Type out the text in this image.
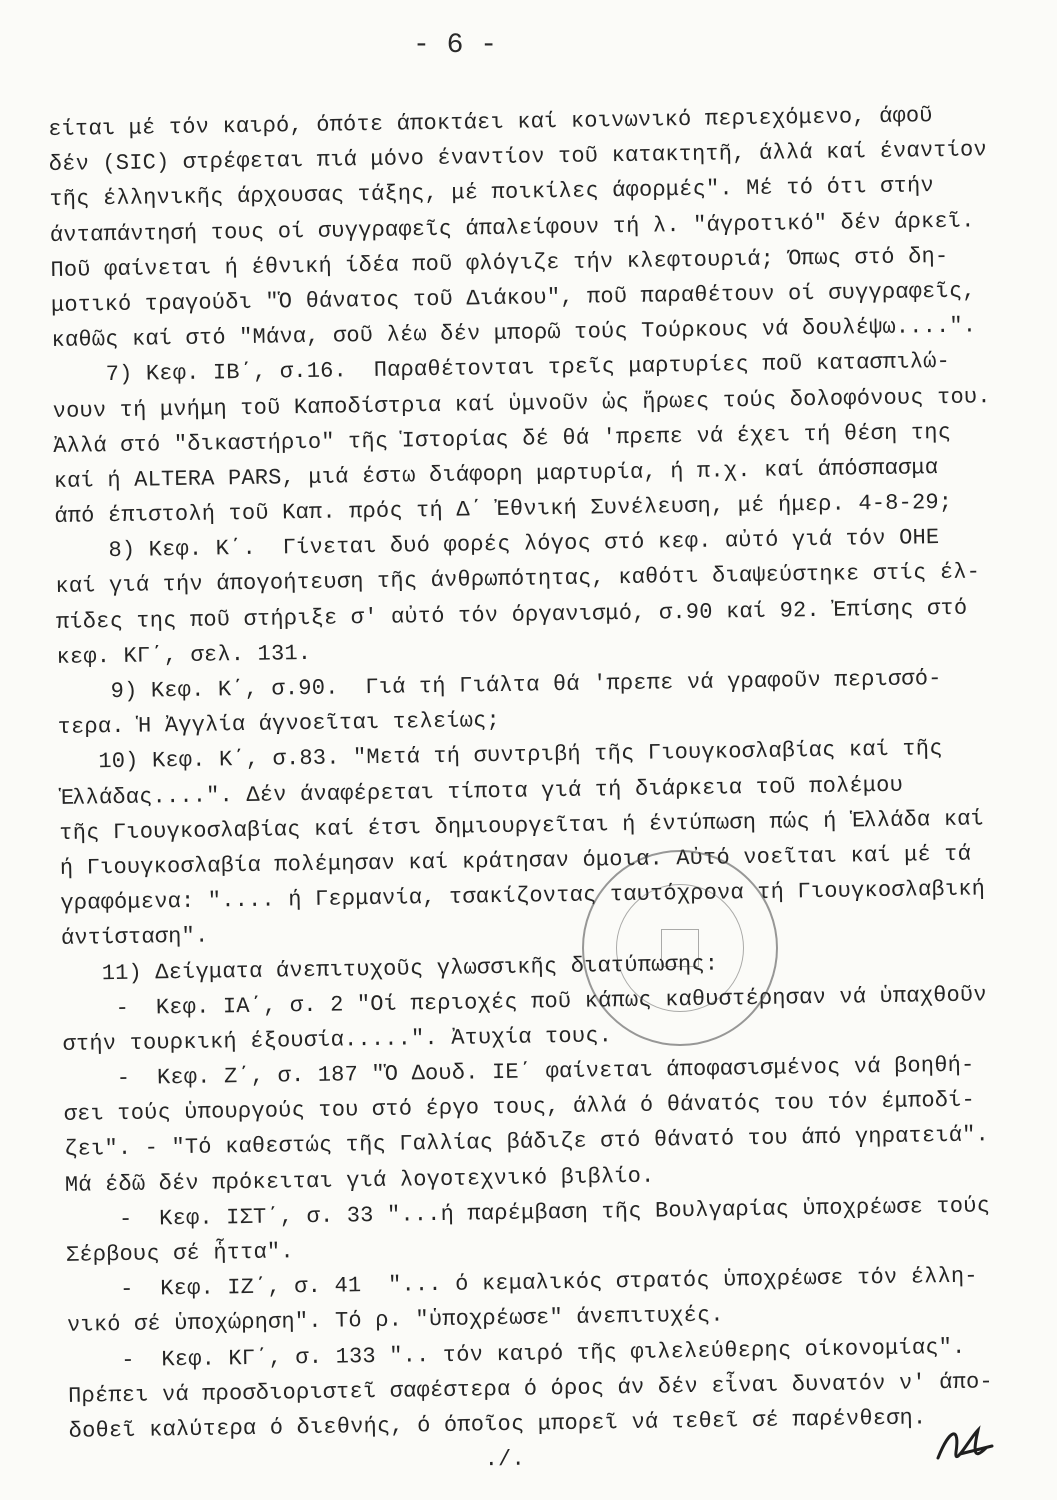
- 6 -
είται μέ τόν καιρό, όπότε άποκτάει καί κοινωνικό περιεχόμενο, άφοῦ
δέν (SIC) στρέφεται πιά μόνο έναντίον τοῦ κατακτητῆ, άλλά καί έναντίον
τῆς έλληνικῆς άρχουσας τάξης, μέ ποικίλες άφορμές". Μέ τό ότι στήν
άνταπάντησή τους οί συγγραφεῖς άπαλείφουν τή λ. "άγροτικό" δέν άρκεῖ.
Ποῦ φαίνεται ή έθνική ίδέα ποῦ φλόγιζε τήν κλεφτουριά; Όπως στό δη-
μοτικό τραγούδι "Ὁ θάνατος τοῦ Διάκου", ποῦ παραθέτουν οί συγγραφεῖς,
καθῶς καί στό "Μάνα, σοῦ λέω δέν μπορῶ τούς Τούρκους νά δουλέψω....".
7) Κεφ. IB΄, σ.16.  Παραθέτονται τρεῖς μαρτυρίες ποῦ κατασπιλώ-
νουν τή μνήμη τοῦ Καποδίστρια καί ὑμνοῦν ὡς ἥρωες τούς δολοφόνους του.
Ἀλλά στό "δικαστήριο" τῆς Ἱστορίας δέ θά 'πρεπε νά έχει τή θέση της
καί ή ALTERA PARS, μιά έστω διάφορη μαρτυρία, ή π.χ. καί άπόσπασμα
άπό έπιστολή τοῦ Καπ. πρός τή Δ΄ Ἐθνική Συνέλευση, μέ ήμερ. 4-8-29;
8) Κεφ. Κ΄.  Γίνεται δυό φορές λόγος στό κεφ. αὐτό γιά τόν ΟΗΕ
καί γιά τήν άπογοήτευση τῆς άνθρωπότητας, καθότι διαψεύστηκε στίς έλ-
πίδες της ποῦ στήριξε σ' αὐτό τόν όργανισμό, σ.90 καί 92. Ἐπίσης στό
κεφ. ΚΓ΄, σελ. 131.
9) Κεφ. Κ΄, σ.90.  Γιά τή Γιάλτα θά 'πρεπε νά γραφοῦν περισσό-
τερα. Ἡ Ἀγγλία άγνοεῖται τελείως;
10) Κεφ. Κ΄, σ.83. "Μετά τή συντριβή τῆς Γιουγκοσλαβίας καί τῆς
Ἑλλάδας....". Δέν άναφέρεται τίποτα γιά τή διάρκεια τοῦ πολέμου
τῆς Γιουγκοσλαβίας καί έτσι δημιουργεῖται ή έντύπωση πώς ή Ἑλλάδα καί
ή Γιουγκοσλαβία πολέμησαν καί κράτησαν όμοια. Αὐτό νοεῖται καί μέ τά
γραφόμενα: ".... ή Γερμανία, τσακίζοντας ταυτόχρονα τή Γιουγκοσλαβική
άντίσταση".
11) Δείγματα άνεπιτυχοῦς γλωσσικῆς διατύπωσης:
-  Κεφ. ΙΑ΄, σ. 2 "Οί περιοχές ποῦ κάπως καθυστέρησαν νά ὑπαχθοῦν
στήν τουρκική έξουσία.....". Ἀτυχία τους.
-  Κεφ. Ζ΄, σ. 187 "Ὁ Δουδ. ΙΕ΄ φαίνεται άποφασισμένος νά βοηθή-
σει τούς ὑπουργούς του στό έργο τους, άλλά ό θάνατός του τόν έμποδί-
ζει". - "Τό καθεστώς τῆς Γαλλίας βάδιζε στό θάνατό του άπό γηρατειά".
Μά έδῶ δέν πρόκειται γιά λογοτεχνικό βιβλίο.
-  Κεφ. ΙΣΤ΄, σ. 33 "...ή παρέμβαση τῆς Βουλγαρίας ὑποχρέωσε τούς
Σέρβους σέ ἧττα".
-  Κεφ. ΙΖ΄, σ. 41  "... ό κεμαλικός στρατός ὑποχρέωσε τόν έλλη-
νικό σέ ὑποχώρηση". Τό ρ. "ὑποχρέωσε" άνεπιτυχές.
-  Κεφ. ΚΓ΄, σ. 133 ".. τόν καιρό τῆς φιλελεύθερης οίκονομίας".
Πρέπει νά προσδιοριστεῖ σαφέστερα ό όρος άν δέν εἶναι δυνατόν ν' άπο-
δοθεῖ καλύτερα ό διεθνής, ό όποῖος μπορεῖ νά τεθεῖ σέ παρένθεση.
./.
